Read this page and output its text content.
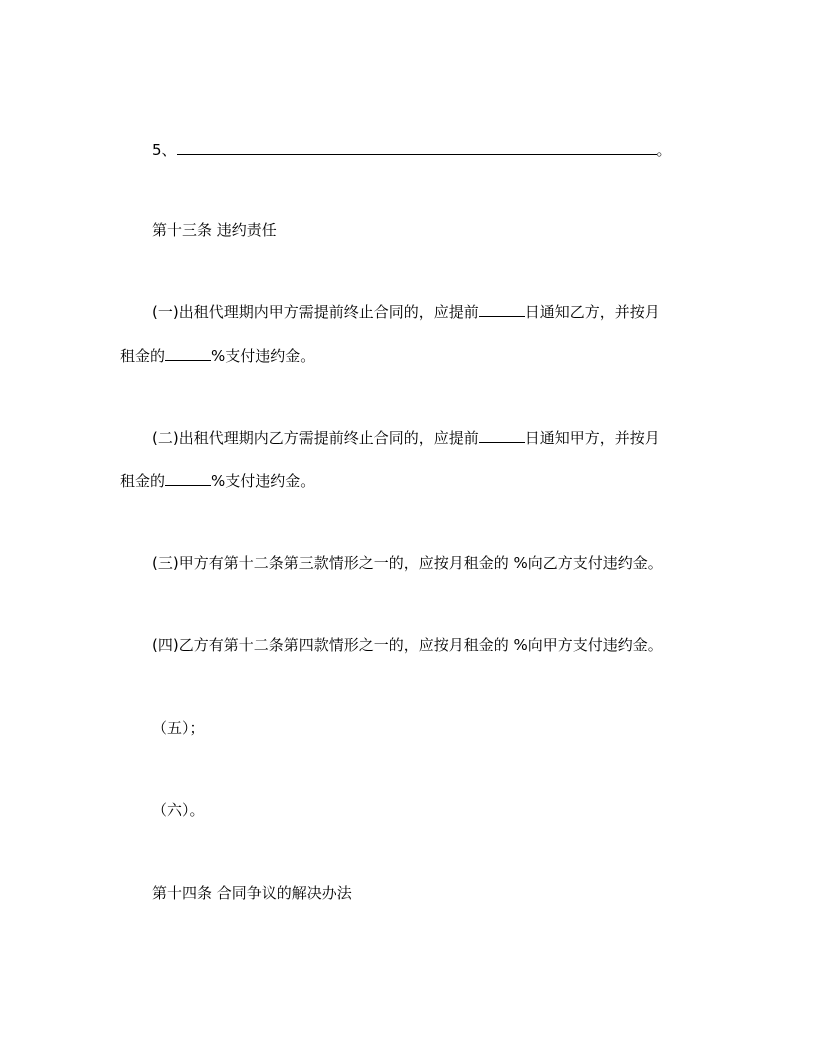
5、	。
第十三条 违约责任
(一)出租代理期内甲方需提前终止合同的，应提前	日通知乙方，并按月
租金的	%支付违约金。
(二)出租代理期内乙方需提前终止合同的，应提前	日通知甲方，并按月
租金的	%支付违约金。
(三)甲方有第十二条第三款情形之一的，应按月租金的 %向乙方支付违约金。
(四)乙方有第十二条第四款情形之一的，应按月租金的 %向甲方支付违约金。
（五）；
（六）。
第十四条 合同争议的解决办法
